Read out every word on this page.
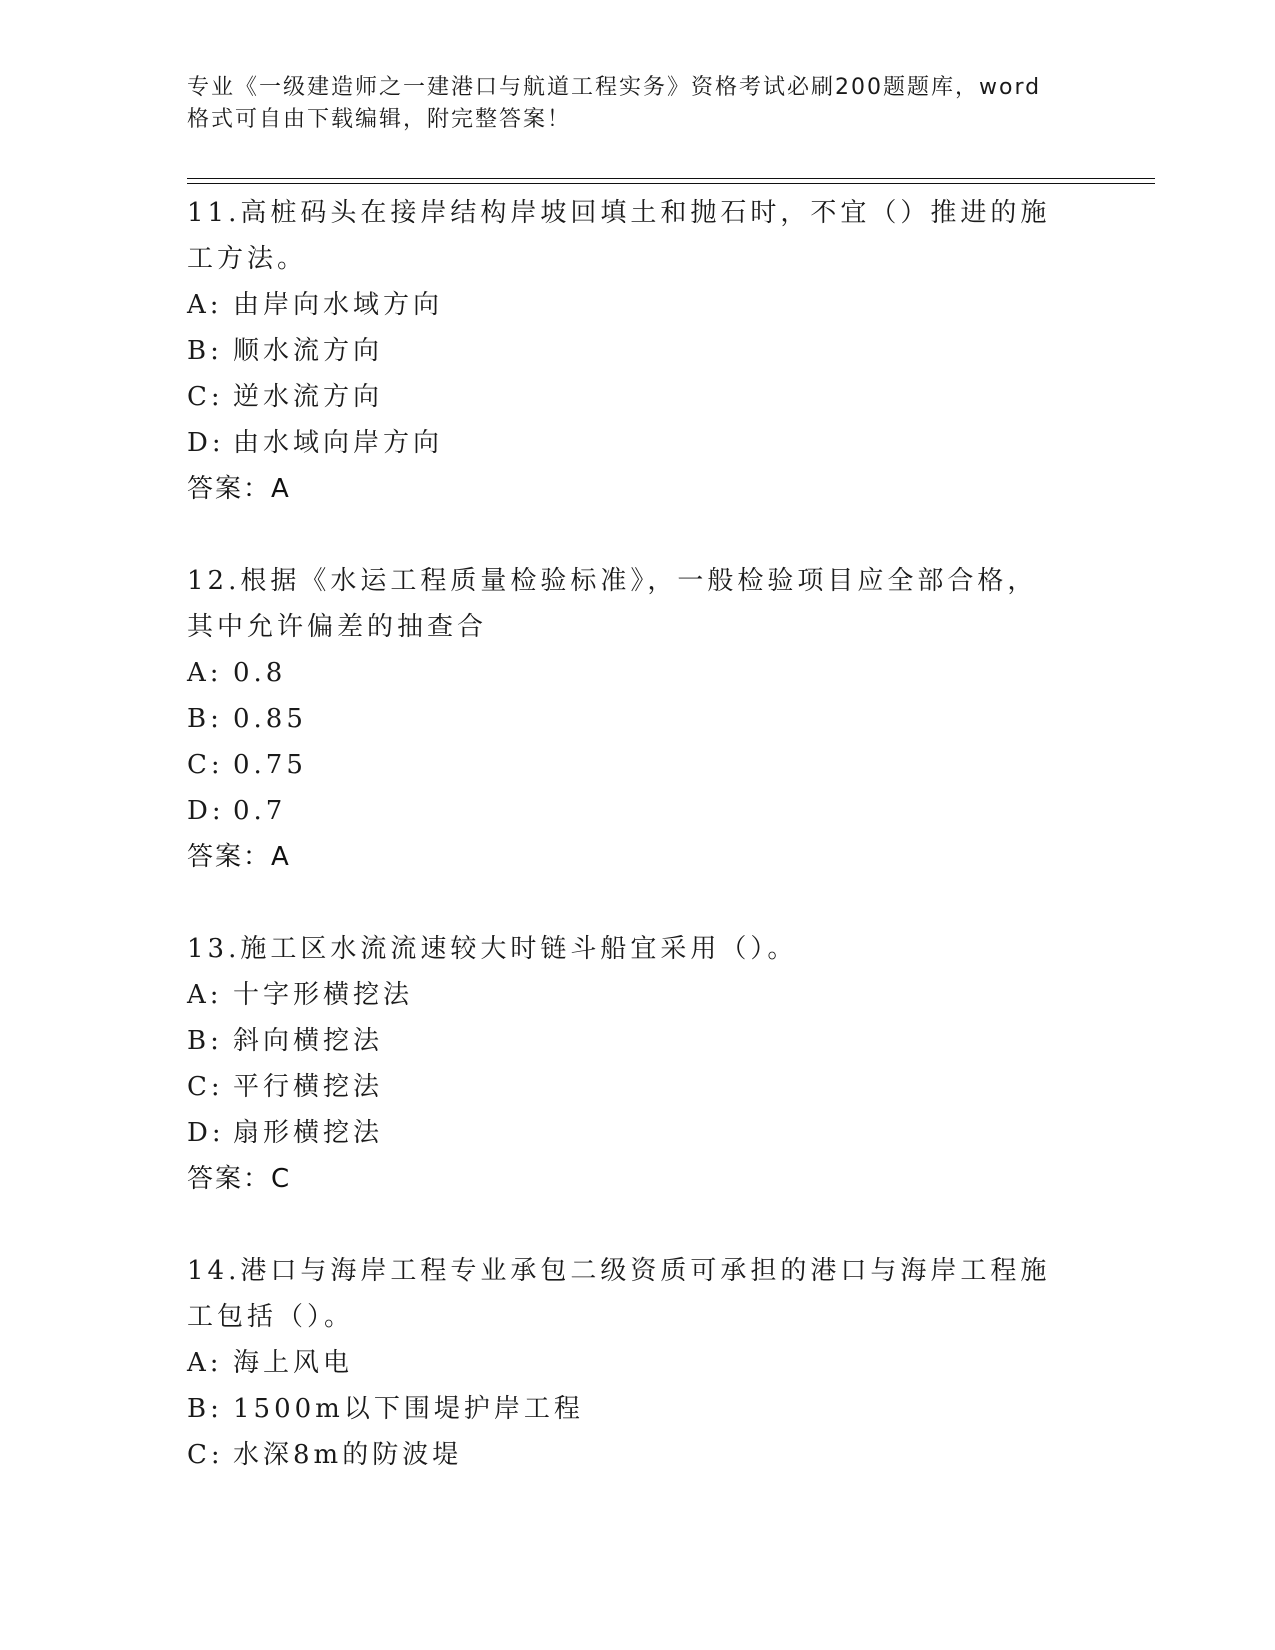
专业《一级建造师之一建港口与航道工程实务》资格考试必刷200题题库，word
格式可自由下载编辑，附完整答案！
11.高桩码头在接岸结构岸坡回填土和抛石时，不宜（）推进的施工方法。
A: 由岸向水域方向
B: 顺水流方向
C: 逆水流方向
D: 由水域向岸方向
答案：A
12.根据《水运工程质量检验标准》，一般检验项目应全部合格，其中允许偏差的抽查合
A: 0.8
B: 0.85
C: 0.75
D: 0.7
答案：A
13.施工区水流流速较大时链斗船宜采用（）。
A: 十字形横挖法
B: 斜向横挖法
C: 平行横挖法
D: 扇形横挖法
答案：C
14.港口与海岸工程专业承包二级资质可承担的港口与海岸工程施工包括（）。
A: 海上风电
B: 1500m以下围堤护岸工程
C: 水深8m的防波堤
